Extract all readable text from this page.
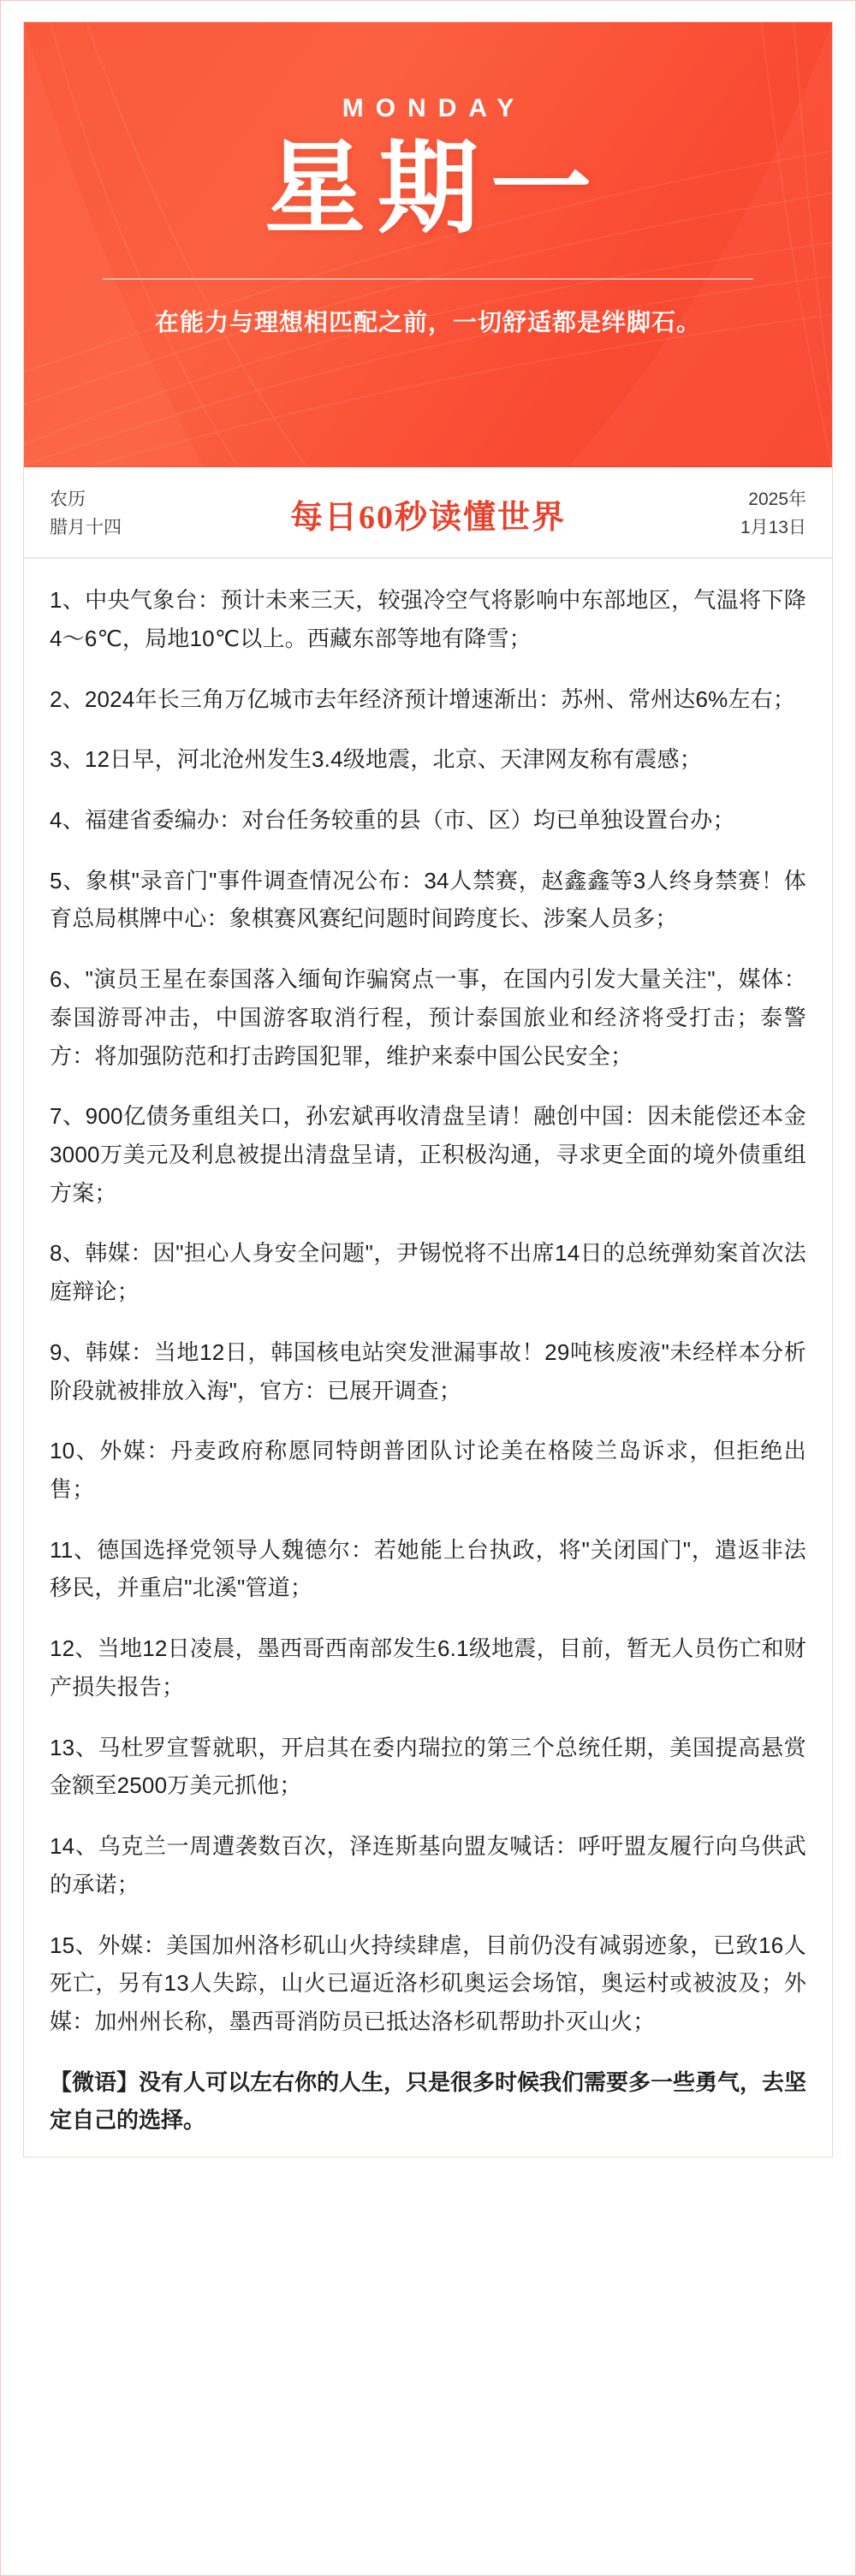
MONDAY
星期一
在能力与理想相匹配之前，一切舒适都是绊脚石。
农历
腊月十四	每日60秒读懂世界
2025年
1月13日

1、中央气象台：预计未来三天，较强冷空气将影响中东部地区，气温将下降4～6℃，局地10℃以上。西藏东部等地有降雪；

2、2024年长三角万亿城市去年经济预计增速渐出：苏州、常州达6%左右；

3、12日早，河北沧州发生3.4级地震，北京、天津网友称有震感；

4、福建省委编办：对台任务较重的县（市、区）均已单独设置台办；

5、象棋"录音门"事件调查情况公布：34人禁赛，赵鑫鑫等3人终身禁赛！体育总局棋牌中心：象棋赛风赛纪问题时间跨度长、涉案人员多；

6、"演员王星在泰国落入缅甸诈骗窝点一事，在国内引发大量关注"，媒体：泰国游哥冲击，中国游客取消行程，预计泰国旅业和经济将受打击；泰警方：将加强防范和打击跨国犯罪，维护来泰中国公民安全；

7、900亿债务重组关口，孙宏斌再收清盘呈请！融创中国：因未能偿还本金3000万美元及利息被提出清盘呈请，正积极沟通，寻求更全面的境外债重组方案；

8、韩媒：因"担心人身安全问题"，尹锡悦将不出席14日的总统弹劾案首次法庭辩论；

9、韩媒：当地12日，韩国核电站突发泄漏事故！29吨核废液"未经样本分析阶段就被排放入海"，官方：已展开调查；

10、外媒：丹麦政府称愿同特朗普团队讨论美在格陵兰岛诉求，但拒绝出售；

11、德国选择党领导人魏德尔：若她能上台执政，将"关闭国门"，遣返非法移民，并重启"北溪"管道；

12、当地12日凌晨，墨西哥西南部发生6.1级地震，目前，暂无人员伤亡和财产损失报告；

13、马杜罗宣誓就职，开启其在委内瑞拉的第三个总统任期，美国提高悬赏金额至2500万美元抓他；

14、乌克兰一周遭袭数百次，泽连斯基向盟友喊话：呼吁盟友履行向乌供武的承诺；

15、外媒：美国加州洛杉矶山火持续肆虐，目前仍没有减弱迹象，已致16人死亡，另有13人失踪，山火已逼近洛杉矶奥运会场馆，奥运村或被波及；外媒：加州州长称，墨西哥消防员已抵达洛杉矶帮助扑灭山火；

【微语】没有人可以左右你的人生，只是很多时候我们需要多一些勇气，去坚定自己的选择。
